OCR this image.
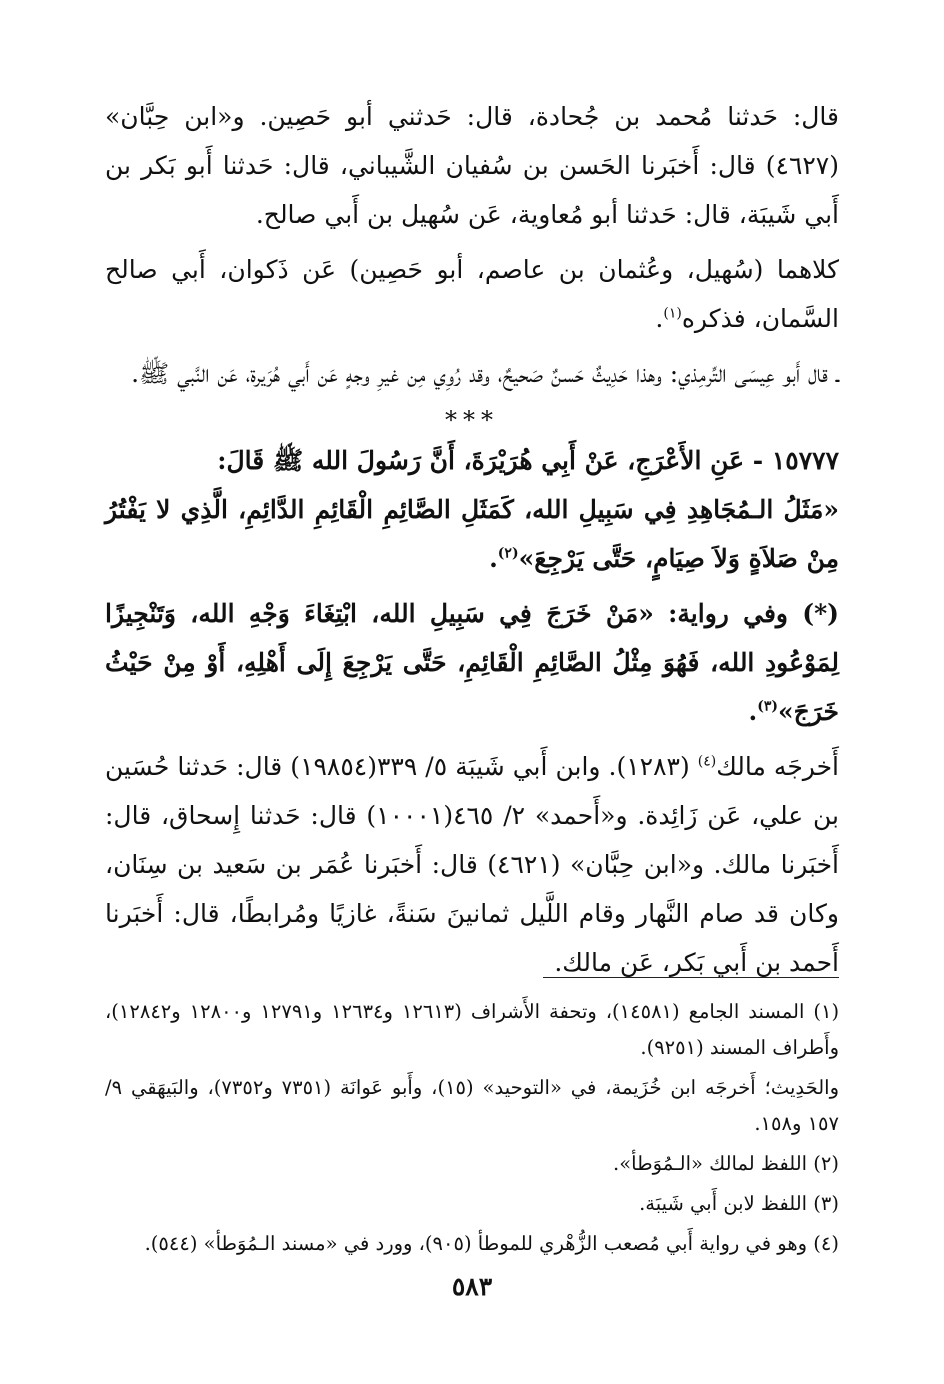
قال: حَدثنا مُحمد بن جُحادة، قال: حَدثني أبو حَصِين. و«ابن حِبَّان» (٤٦٢٧) قال: أَخبَرنا الحَسن بن سُفيان الشَّيباني، قال: حَدثنا أَبو بَكر بن أَبي شَيبَة، قال: حَدثنا أبو مُعاوية، عَن سُهيل بن أَبي صالح.

كلاهما (سُهيل، وعُثمان بن عاصم، أبو حَصِين) عَن ذَكوان، أَبي صالح السَّمان، فذكره$^{(١)}$.

ـ قال أَبو عِيسَى التِّرمِذي: وهذا حَدِيثٌ حَسنٌ صَحيحٌ، وقد رُوِي مِن غيرِ وجهٍ عَن أَبي هُرَيرة، عَن النَّبي ﷺ.

***

١٥٧٧٧ - عَنِ الأَعْرَجِ، عَنْ أَبِي هُرَيْرَةَ، أَنَّ رَسُولَ الله ﷺ قَالَ:

«مَثَلُ الـمُجَاهِدِ فِي سَبِيلِ الله، كَمَثَلِ الصَّائِمِ الْقَائِمِ الدَّائِمِ، الَّذِي لا يَفْتُرُ مِنْ صَلاَةٍ وَلاَ صِيَامٍ، حَتَّى يَرْجِعَ»$^{(٢)}$.

(*) وفي رواية: «مَنْ خَرَجَ فِي سَبِيلِ الله، ابْتِغَاءَ وَجْهِ الله، وَتَنْجِيزًا لِمَوْعُودِ الله، فَهُوَ مِثْلُ الصَّائِمِ الْقَائِمِ، حَتَّى يَرْجِعَ إِلَى أَهْلِهِ، أَوْ مِنْ حَيْثُ خَرَجَ»$^{(٣)}$.

أَخرجَه مالك$^{(٤)}$ (١٢٨٣). وابن أَبي شَيبَة ٥/ ٣٣٩(١٩٨٥٤) قال: حَدثنا حُسَين بن علي، عَن زَائِدة. و«أَحمد» ٢/ ٤٦٥(١٠٠٠١) قال: حَدثنا إِسحاق، قال: أَخبَرنا مالك. و«ابن حِبَّان» (٤٦٢١) قال: أَخبَرنا عُمَر بن سَعيد بن سِنَان، وكان قد صام النَّهار وقام اللَّيل ثمانينَ سَنةً، غازيًا ومُرابطًا، قال: أَخبَرنا أَحمد بن أَبي بَكر، عَن مالك.

(١) المسند الجامع (١٤٥٨١)، وتحفة الأَشراف (١٢٦١٣ و١٢٦٣٤ و١٢٧٩١ و١٢٨٠٠ و١٢٨٤٢)، وأَطراف المسند (٩٢٥١).

والحَدِيث؛ أَخرجَه ابن خُزَيمة، في «التوحيد» (١٥)، وأَبو عَوانَة (٧٣٥١ و٧٣٥٢)، والبَيهَقي ٩/ ١٥٧ و١٥٨.

(٢) اللفظ لمالك «الـمُوَطأ».

(٣) اللفظ لابن أَبي شَيبَة.

(٤) وهو في رواية أَبي مُصعب الزُّهْري للموطأ (٩٠٥)، وورد في «مسند الـمُوَطأ» (٥٤٤).

٥٨٣
